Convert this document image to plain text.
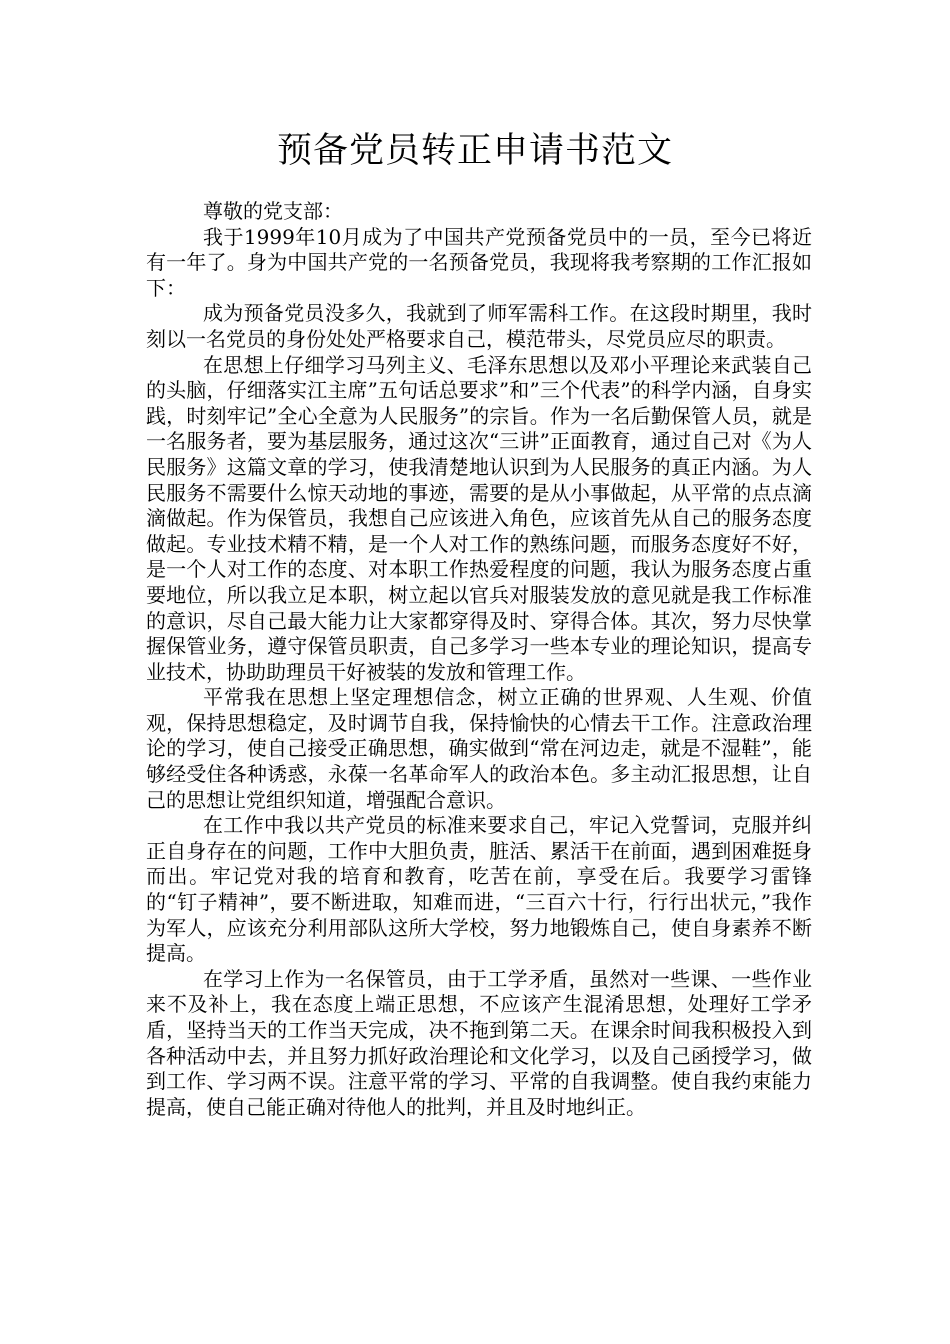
预备党员转正申请书范文

尊敬的党支部：

我于1999年10月成为了中国共产党预备党员中的一员，至今已将近有一年了。身为中国共产党的一名预备党员，我现将我考察期的工作汇报如下：

成为预备党员没多久，我就到了师军需科工作。在这段时期里，我时刻以一名党员的身份处处严格要求自己，模范带头，尽党员应尽的职责。

在思想上仔细学习马列主义、毛泽东思想以及邓小平理论来武装自己的头脑，仔细落实江主席”五句话总要求”和”三个代表”的科学内涵，自身实践，时刻牢记”全心全意为人民服务”的宗旨。作为一名后勤保管人员，就是一名服务者，要为基层服务，通过这次“三讲”正面教育，通过自己对《为人民服务》这篇文章的学习，使我清楚地认识到为人民服务的真正内涵。为人民服务不需要什么惊天动地的事迹，需要的是从小事做起，从平常的点点滴滴做起。作为保管员，我想自己应该进入角色，应该首先从自己的服务态度做起。专业技术精不精，是一个人对工作的熟练问题，而服务态度好不好，是一个人对工作的态度、对本职工作热爱程度的问题，我认为服务态度占重要地位，所以我立足本职，树立起以官兵对服装发放的意见就是我工作标准的意识，尽自己最大能力让大家都穿得及时、穿得合体。其次，努力尽快掌握保管业务，遵守保管员职责，自己多学习一些本专业的理论知识，提高专业技术，协助助理员干好被装的发放和管理工作。

平常我在思想上坚定理想信念，树立正确的世界观、人生观、价值观，保持思想稳定，及时调节自我，保持愉快的心情去干工作。注意政治理论的学习，使自己接受正确思想，确实做到“常在河边走，就是不湿鞋”，能够经受住各种诱惑，永葆一名革命军人的政治本色。多主动汇报思想，让自己的思想让党组织知道，增强配合意识。

在工作中我以共产党员的标准来要求自己，牢记入党誓词，克服并纠正自身存在的问题，工作中大胆负责，脏活、累活干在前面，遇到困难挺身而出。牢记党对我的培育和教育，吃苦在前，享受在后。我要学习雷锋的“钉子精神”，要不断进取，知难而进，“三百六十行，行行出状元，”我作为军人，应该充分利用部队这所大学校，努力地锻炼自己，使自身素养不断提高。

在学习上作为一名保管员，由于工学矛盾，虽然对一些课、一些作业来不及补上，我在态度上端正思想，不应该产生混淆思想，处理好工学矛盾，坚持当天的工作当天完成，决不拖到第二天。在课余时间我积极投入到各种活动中去，并且努力抓好政治理论和文化学习，以及自己函授学习，做到工作、学习两不误。注意平常的学习、平常的自我调整。使自我约束能力提高，使自己能正确对待他人的批判，并且及时地纠正。
